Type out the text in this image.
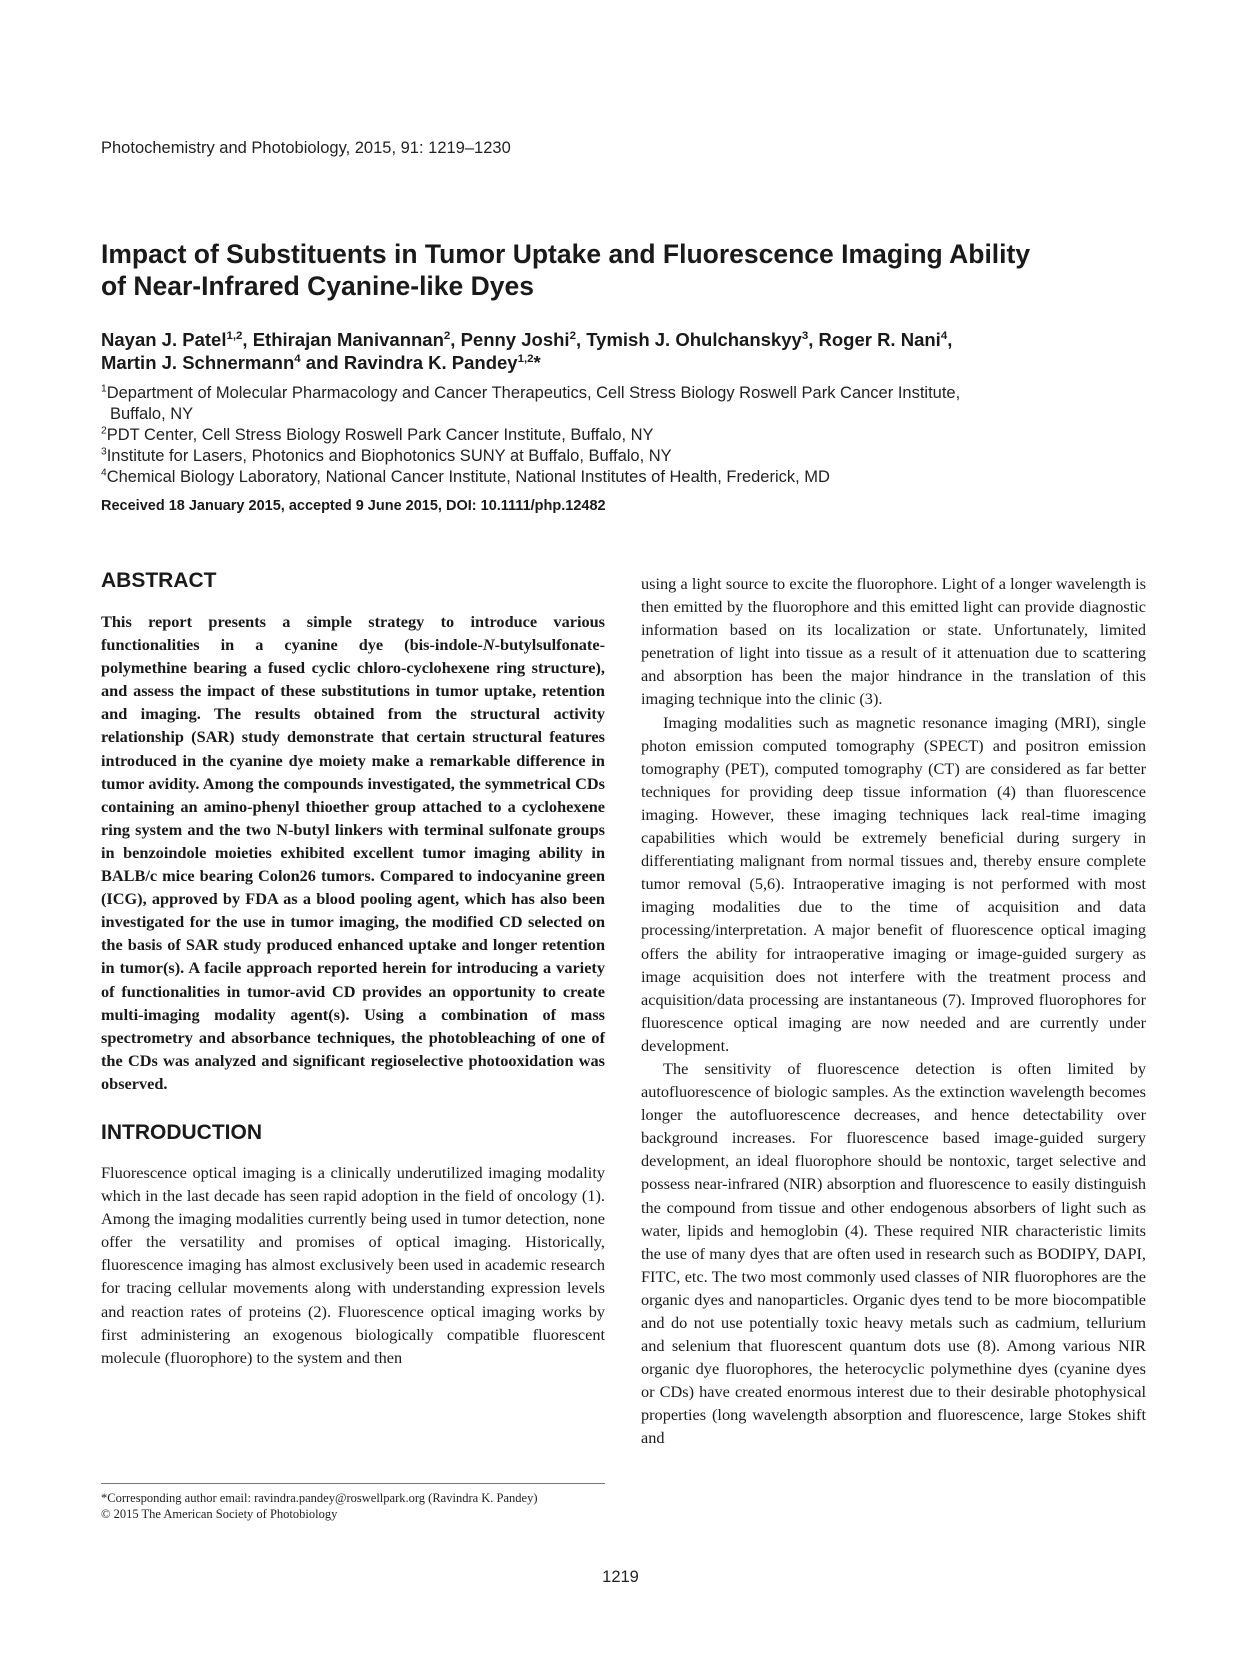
Photochemistry and Photobiology, 2015, 91: 1219–1230
Impact of Substituents in Tumor Uptake and Fluorescence Imaging Ability
of Near-Infrared Cyanine-like Dyes
Nayan J. Patel$^{1,2}$, Ethirajan Manivannan$^2$, Penny Joshi$^2$, Tymish J. Ohulchanskyy$^3$, Roger R. Nani$^4$,
Martin J. Schnermann$^4$ and Ravindra K. Pandey$^{1,2}$*
$^1$Department of Molecular Pharmacology and Cancer Therapeutics, Cell Stress Biology Roswell Park Cancer Institute,
Buffalo, NY
$^2$PDT Center, Cell Stress Biology Roswell Park Cancer Institute, Buffalo, NY
$^3$Institute for Lasers, Photonics and Biophotonics SUNY at Buffalo, Buffalo, NY
$^4$Chemical Biology Laboratory, National Cancer Institute, National Institutes of Health, Frederick, MD
Received 18 January 2015, accepted 9 June 2015, DOI: 10.1111/php.12482
ABSTRACT

This report presents a simple strategy to introduce various functionalities in a cyanine dye (bis-indole-N-butylsulfonate-polymethine bearing a fused cyclic chloro-cyclohexene ring structure), and assess the impact of these substitutions in tumor uptake, retention and imaging. The results obtained from the structural activity relationship (SAR) study demonstrate that certain structural features introduced in the cyanine dye moiety make a remarkable difference in tumor avidity. Among the compounds investigated, the symmetrical CDs containing an amino-phenyl thioether group attached to a cyclohexene ring system and the two N-butyl linkers with terminal sulfonate groups in benzoindole moieties exhibited excellent tumor imaging ability in BALB/c mice bearing Colon26 tumors. Compared to indocyanine green (ICG), approved by FDA as a blood pooling agent, which has also been investigated for the use in tumor imaging, the modified CD selected on the basis of SAR study produced enhanced uptake and longer retention in tumor(s). A facile approach reported herein for introducing a variety of functionalities in tumor-avid CD provides an opportunity to create multi-imaging modality agent(s). Using a combination of mass spectrometry and absorbance techniques, the photobleaching of one of the CDs was analyzed and significant regioselective photooxidation was observed.

INTRODUCTION

Fluorescence optical imaging is a clinically underutilized imaging modality which in the last decade has seen rapid adoption in the field of oncology (1). Among the imaging modalities currently being used in tumor detection, none offer the versatility and promises of optical imaging. Historically, fluorescence imaging has almost exclusively been used in academic research for tracing cellular movements along with understanding expression levels and reaction rates of proteins (2). Fluorescence optical imaging works by first administering an exogenous biologically compatible fluorescent molecule (fluorophore) to the system and then

using a light source to excite the fluorophore. Light of a longer wavelength is then emitted by the fluorophore and this emitted light can provide diagnostic information based on its localization or state. Unfortunately, limited penetration of light into tissue as a result of it attenuation due to scattering and absorption has been the major hindrance in the translation of this imaging technique into the clinic (3).

Imaging modalities such as magnetic resonance imaging (MRI), single photon emission computed tomography (SPECT) and positron emission tomography (PET), computed tomography (CT) are considered as far better techniques for providing deep tissue information (4) than fluorescence imaging. However, these imaging techniques lack real-time imaging capabilities which would be extremely beneficial during surgery in differentiating malignant from normal tissues and, thereby ensure complete tumor removal (5,6). Intraoperative imaging is not performed with most imaging modalities due to the time of acquisition and data processing/interpretation. A major benefit of fluorescence optical imaging offers the ability for intraoperative imaging or image-guided surgery as image acquisition does not interfere with the treatment process and acquisition/data processing are instantaneous (7). Improved fluorophores for fluorescence optical imaging are now needed and are currently under development.

The sensitivity of fluorescence detection is often limited by autofluorescence of biologic samples. As the extinction wavelength becomes longer the autofluorescence decreases, and hence detectability over background increases. For fluorescence based image-guided surgery development, an ideal fluorophore should be nontoxic, target selective and possess near-infrared (NIR) absorption and fluorescence to easily distinguish the compound from tissue and other endogenous absorbers of light such as water, lipids and hemoglobin (4). These required NIR characteristic limits the use of many dyes that are often used in research such as BODIPY, DAPI, FITC, etc. The two most commonly used classes of NIR fluorophores are the organic dyes and nanoparticles. Organic dyes tend to be more biocompatible and do not use potentially toxic heavy metals such as cadmium, tellurium and selenium that fluorescent quantum dots use (8). Among various NIR organic dye fluorophores, the heterocyclic polymethine dyes (cyanine dyes or CDs) have created enormous interest due to their desirable photophysical properties (long wavelength absorption and fluorescence, large Stokes shift and

*Corresponding author email: ravindra.pandey@roswellpark.org (Ravindra K. Pandey)
© 2015 The American Society of Photobiology
1219
